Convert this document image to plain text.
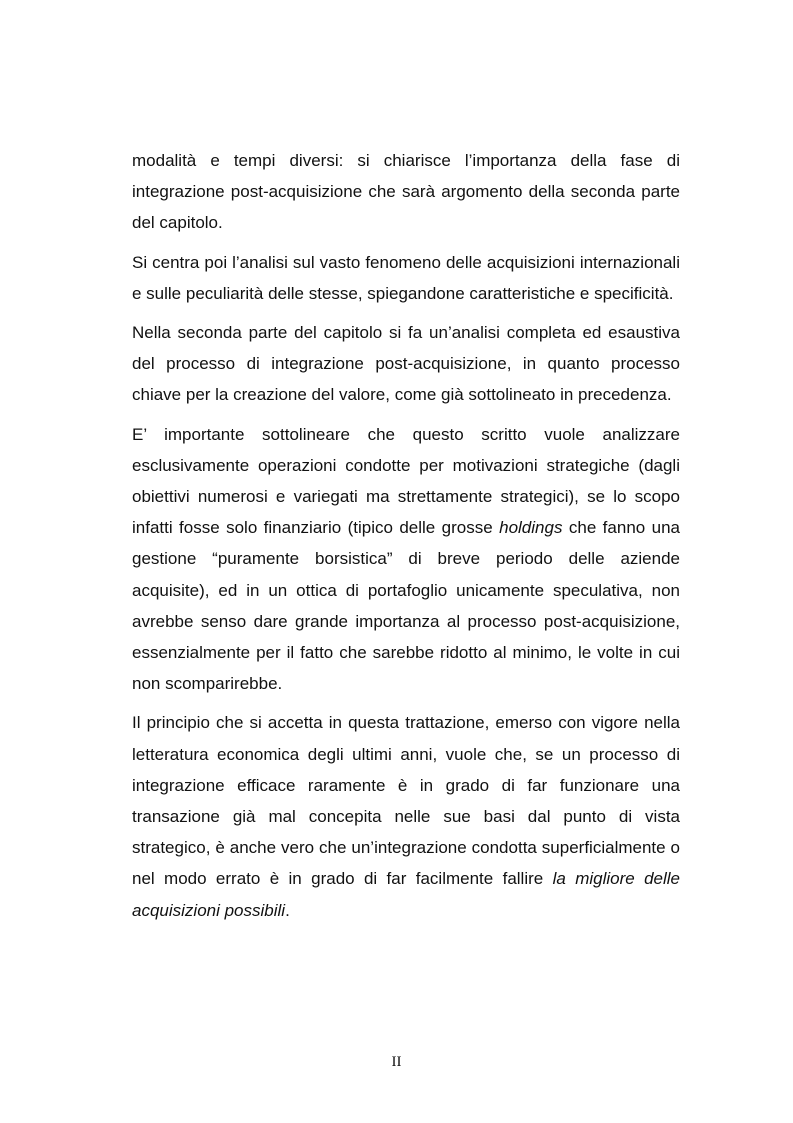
modalità e tempi diversi: si chiarisce l’importanza della fase di integrazione post-acquisizione che sarà argomento della seconda parte del capitolo.

Si centra poi l’analisi sul vasto fenomeno delle acquisizioni internazionali e sulle peculiarità delle stesse, spiegandone caratteristiche e specificità.

Nella seconda parte del capitolo si fa un’analisi completa ed esaustiva del processo di integrazione post-acquisizione, in quanto processo chiave per la creazione del valore, come già sottolineato in precedenza.

E’ importante sottolineare che questo scritto vuole analizzare esclusivamente operazioni condotte per motivazioni strategiche (dagli obiettivi numerosi e variegati ma strettamente strategici), se lo scopo infatti fosse solo finanziario (tipico delle grosse holdings che fanno una gestione “puramente borsistica” di breve periodo delle aziende acquisite), ed in un ottica di portafoglio unicamente speculativa, non avrebbe senso dare grande importanza al processo post-acquisizione, essenzialmente per il fatto che sarebbe ridotto al minimo, le volte in cui non scomparirebbe.

Il principio che si accetta in questa trattazione, emerso con vigore nella letteratura economica degli ultimi anni, vuole che, se un processo di integrazione efficace raramente è in grado di far funzionare una transazione già mal concepita nelle sue basi dal punto di vista strategico, è anche vero che un’integrazione condotta superficialmente o nel modo errato è in grado di far facilmente fallire la migliore delle acquisizioni possibili.

II
